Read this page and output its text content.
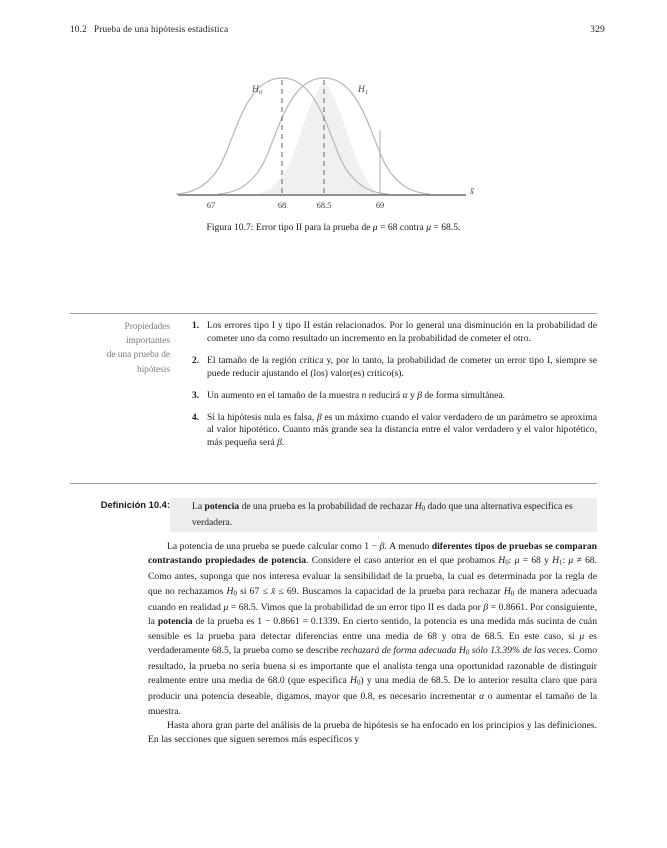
10.2 Prueba de una hipótesis estadística	329
$H_0$	$H_1$
x̄
67	68	68.5	69
Figura 10.7: Error tipo II para la prueba de μ = 68 contra μ = 68.5.
Propiedades
importantes
de una prueba de
hipótesis
1. Los errores tipo I y tipo II están relacionados. Por lo general una disminución en la probabilidad de cometer uno da como resultado un incremento en la probabilidad de cometer el otro.
2. El tamaño de la región crítica y, por lo tanto, la probabilidad de cometer un error tipo I, siempre se puede reducir ajustando el (los) valor(es) crítico(s).
3. Un aumento en el tamaño de la muestra n reducirá α y β de forma simultánea.
4. Si la hipótesis nula es falsa, β es un máximo cuando el valor verdadero de un parámetro se aproxima al valor hipotético. Cuanto más grande sea la distancia entre el valor verdadero y el valor hipotético, más pequeña será β.
Definición 10.4:	La potencia de una prueba es la probabilidad de rechazar $H_0$ dado que una alternativa específica es verdadera.

La potencia de una prueba se puede calcular como 1 − β. A menudo diferentes tipos de pruebas se comparan contrastando propiedades de potencia. Considere el caso anterior en el que probamos $H_0$: μ = 68 y $H_1$: μ ≠ 68. Como antes, suponga que nos interesa evaluar la sensibilidad de la prueba, la cual es determinada por la regla de que no rechazamos $H_0$ si 67 ≤ x̄ ≤ 69. Buscamos la capacidad de la prueba para rechazar $H_0$ de manera adecuada cuando en realidad μ = 68.5. Vimos que la probabilidad de un error tipo II es dada por β = 0.8661. Por consiguiente, la potencia de la prueba es 1 − 0.8661 = 0.1339. En cierto sentido, la potencia es una medida más sucinta de cuán sensible es la prueba para detectar diferencias entre una media de 68 y otra de 68.5. En este caso, si μ es verdaderamente 68.5, la prueba como se describe rechazará de forma adecuada $H_0$ sólo 13.39% de las veces. Como resultado, la prueba no sería buena si es importante que el analista tenga una oportunidad razonable de distinguir realmente entre una media de 68.0 (que especifica $H_0$) y una media de 68.5. De lo anterior resulta claro que para producir una potencia deseable, digamos, mayor que 0.8, es necesario incrementar α o aumentar el tamaño de la muestra.

Hasta ahora gran parte del análisis de la prueba de hipótesis se ha enfocado en los principios y las definiciones. En las secciones que siguen seremos más específicos y
